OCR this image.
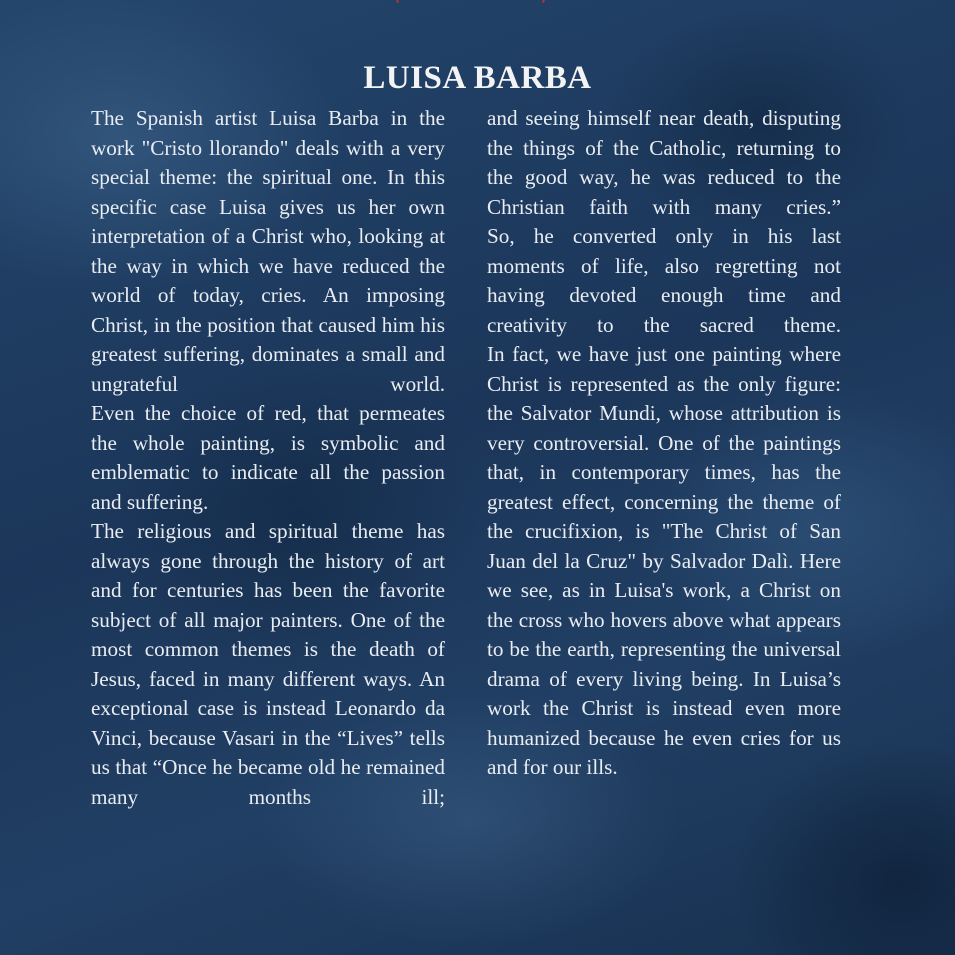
LUISA BARBA

The Spanish artist Luisa Barba in the work "Cristo llorando" deals with a very special theme: the spiritual one. In this specific case Luisa gives us her own interpretation of a Christ who, looking at the way in which we have reduced the world of today, cries. An imposing Christ, in the position that caused him his greatest suffering, dominates a small and ungrateful world.

Even the choice of red, that permeates the whole painting, is symbolic and emblematic to indicate all the passion and suffering.

The religious and spiritual theme has always gone through the history of art and for centuries has been the favorite subject of all major painters. One of the most common themes is the death of Jesus, faced in many different ways. An exceptional case is instead Leonardo da Vinci, because Vasari in the “Lives” tells us that “Once he became old he remained many months ill;

and seeing himself near death, disputing the things of the Catholic, returning to the good way, he was reduced to the Christian faith with many cries.”

So, he converted only in his last moments of life, also regretting not having devoted enough time and creativity to the sacred theme.

In fact, we have just one painting where Christ is represented as the only figure: the Salvator Mundi, whose attribution is very controversial. One of the paintings that, in contemporary times, has the greatest effect, concerning the theme of the crucifixion, is "The Christ of San Juan del la Cruz" by Salvador Dalì. Here we see, as in Luisa's work, a Christ on the cross who hovers above what appears to be the earth, representing the universal drama of every living being. In Luisa’s work the Christ is instead even more humanized because he even cries for us and for our ills.
